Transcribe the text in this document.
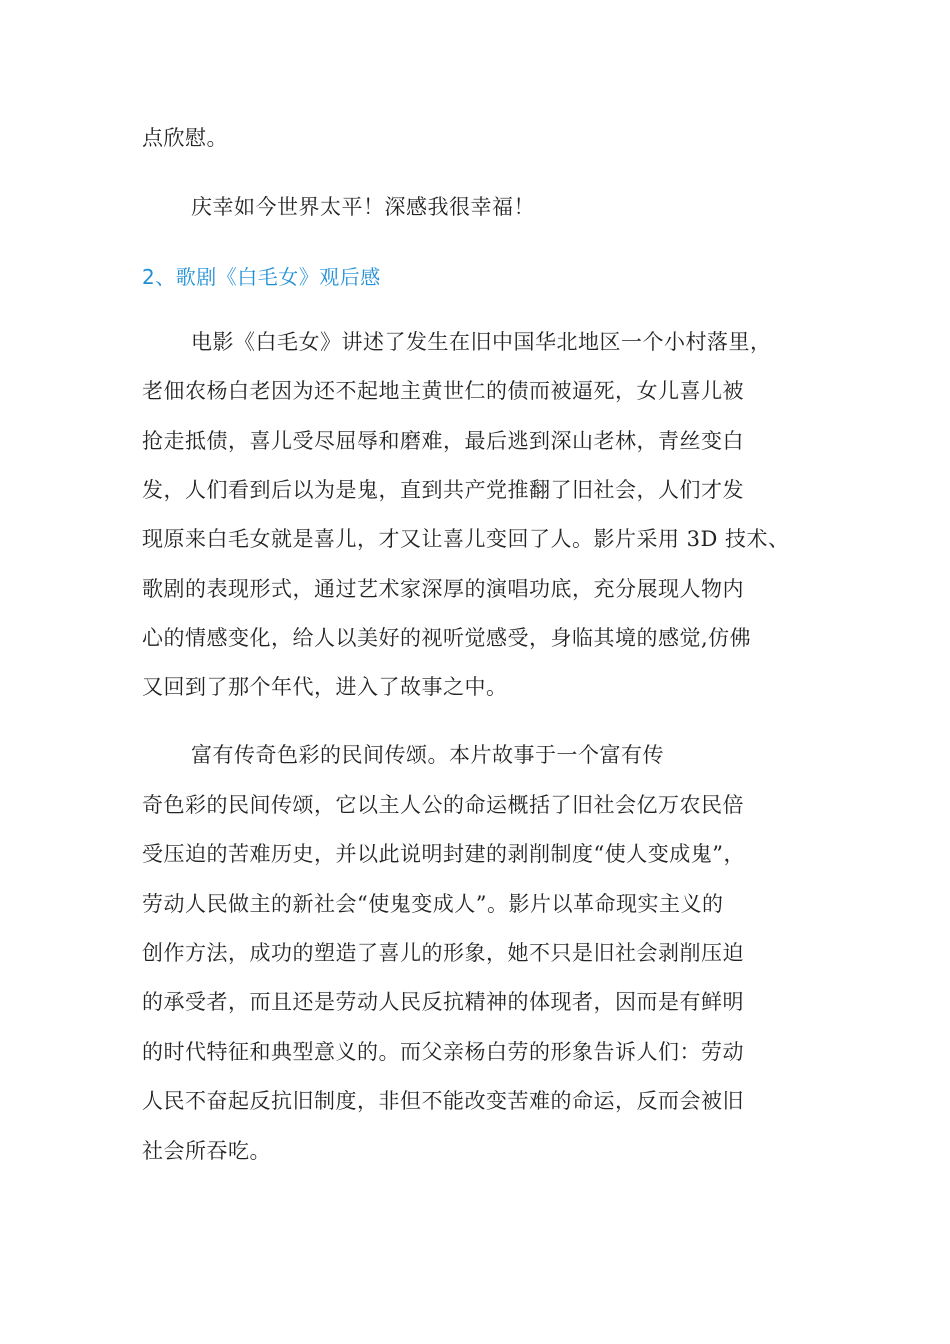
点欣慰。
庆幸如今世界太平！深感我很幸福！
2、歌剧《白毛女》观后感
电影《白毛女》讲述了发生在旧中国华北地区一个小村落里，
老佃农杨白老因为还不起地主黄世仁的债而被逼死，女儿喜儿被
抢走抵债，喜儿受尽屈辱和磨难，最后逃到深山老林，青丝变白
发，人们看到后以为是鬼，直到共产党推翻了旧社会，人们才发
现原来白毛女就是喜儿，才又让喜儿变回了人。影片采用 3D 技术、
歌剧的表现形式，通过艺术家深厚的演唱功底，充分展现人物内
心的情感变化，给人以美好的视听觉感受，身临其境的感觉,仿佛
又回到了那个年代，进入了故事之中。
富有传奇色彩的民间传颂。本片故事于一个富有传
奇色彩的民间传颂，它以主人公的命运概括了旧社会亿万农民倍
受压迫的苦难历史，并以此说明封建的剥削制度“使人变成鬼”，
劳动人民做主的新社会“使鬼变成人”。影片以革命现实主义的
创作方法，成功的塑造了喜儿的形象，她不只是旧社会剥削压迫
的承受者，而且还是劳动人民反抗精神的体现者，因而是有鲜明
的时代特征和典型意义的。而父亲杨白劳的形象告诉人们：劳动
人民不奋起反抗旧制度，非但不能改变苦难的命运，反而会被旧
社会所吞吃。
